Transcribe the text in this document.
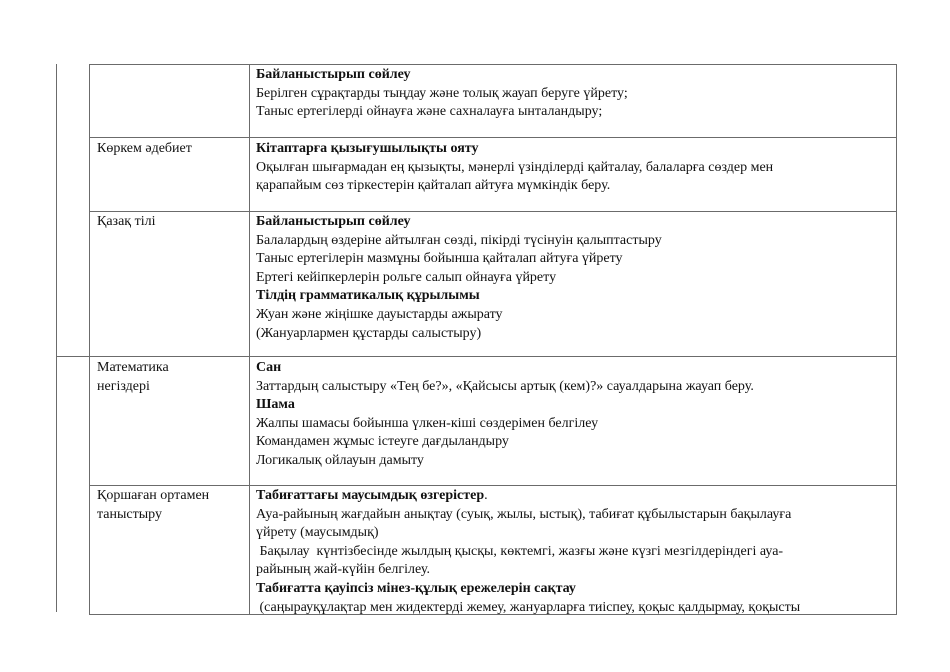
Байланыстырып сөйлеу
Берілген сұрақтарды тыңдау және толық жауап беруге үйрету;
Таныс ертегілерді ойнауға және сахналауға ынталандыру;
Көркем әдебиет	Кітаптарға қызығушылықты ояту
Оқылған шығармадан ең қызықты, мәнерлі үзінділерді қайталау, балаларға сөздер мен
қарапайым сөз тіркестерін қайталап айтуға мүмкіндік беру.
Қазақ тілі	Байланыстырып сөйлеу
Балалардың өздеріне айтылған сөзді, пікірді түсінуін қалыптастыру
Таныс ертегілерін мазмұны бойынша қайталап айтуға үйрету
Ертегі кейіпкерлерін рольге салып ойнауға үйрету
Тілдің грамматикалық құрылымы
Жуан және жіңішке дауыстарды ажырату
(Жануарлармен құстарды салыстыру)
Математика
негіздері
Сан
Заттардың салыстыру «Тең бе?», «Қайсысы артық (кем)?» сауалдарына жауап беру.
Шама
Жалпы шамасы бойынша үлкен-кіші сөздерімен белгілеу
Командамен жұмыс істеуге дағдыландыру
Логикалық ойлауын дамыту
Қоршаған ортамен
таныстыру
Табиғаттағы маусымдық өзгерістер.
Ауа-райының жағдайын анықтау (суық, жылы, ыстық), табиғат құбылыстарын бақылауға
үйрету (маусымдық)
Бақылау  күнтізбесінде жылдың қысқы, көктемгі, жазғы және күзгі мезгілдеріндегі ауа-
райының жай-күйін белгілеу.
Табиғатта қауіпсіз мінез-құлық ережелерін сақтау
(саңырауқұлақтар мен жидектерді жемеу, жануарларға тиіспеу, қоқыс қалдырмау, қоқысты
